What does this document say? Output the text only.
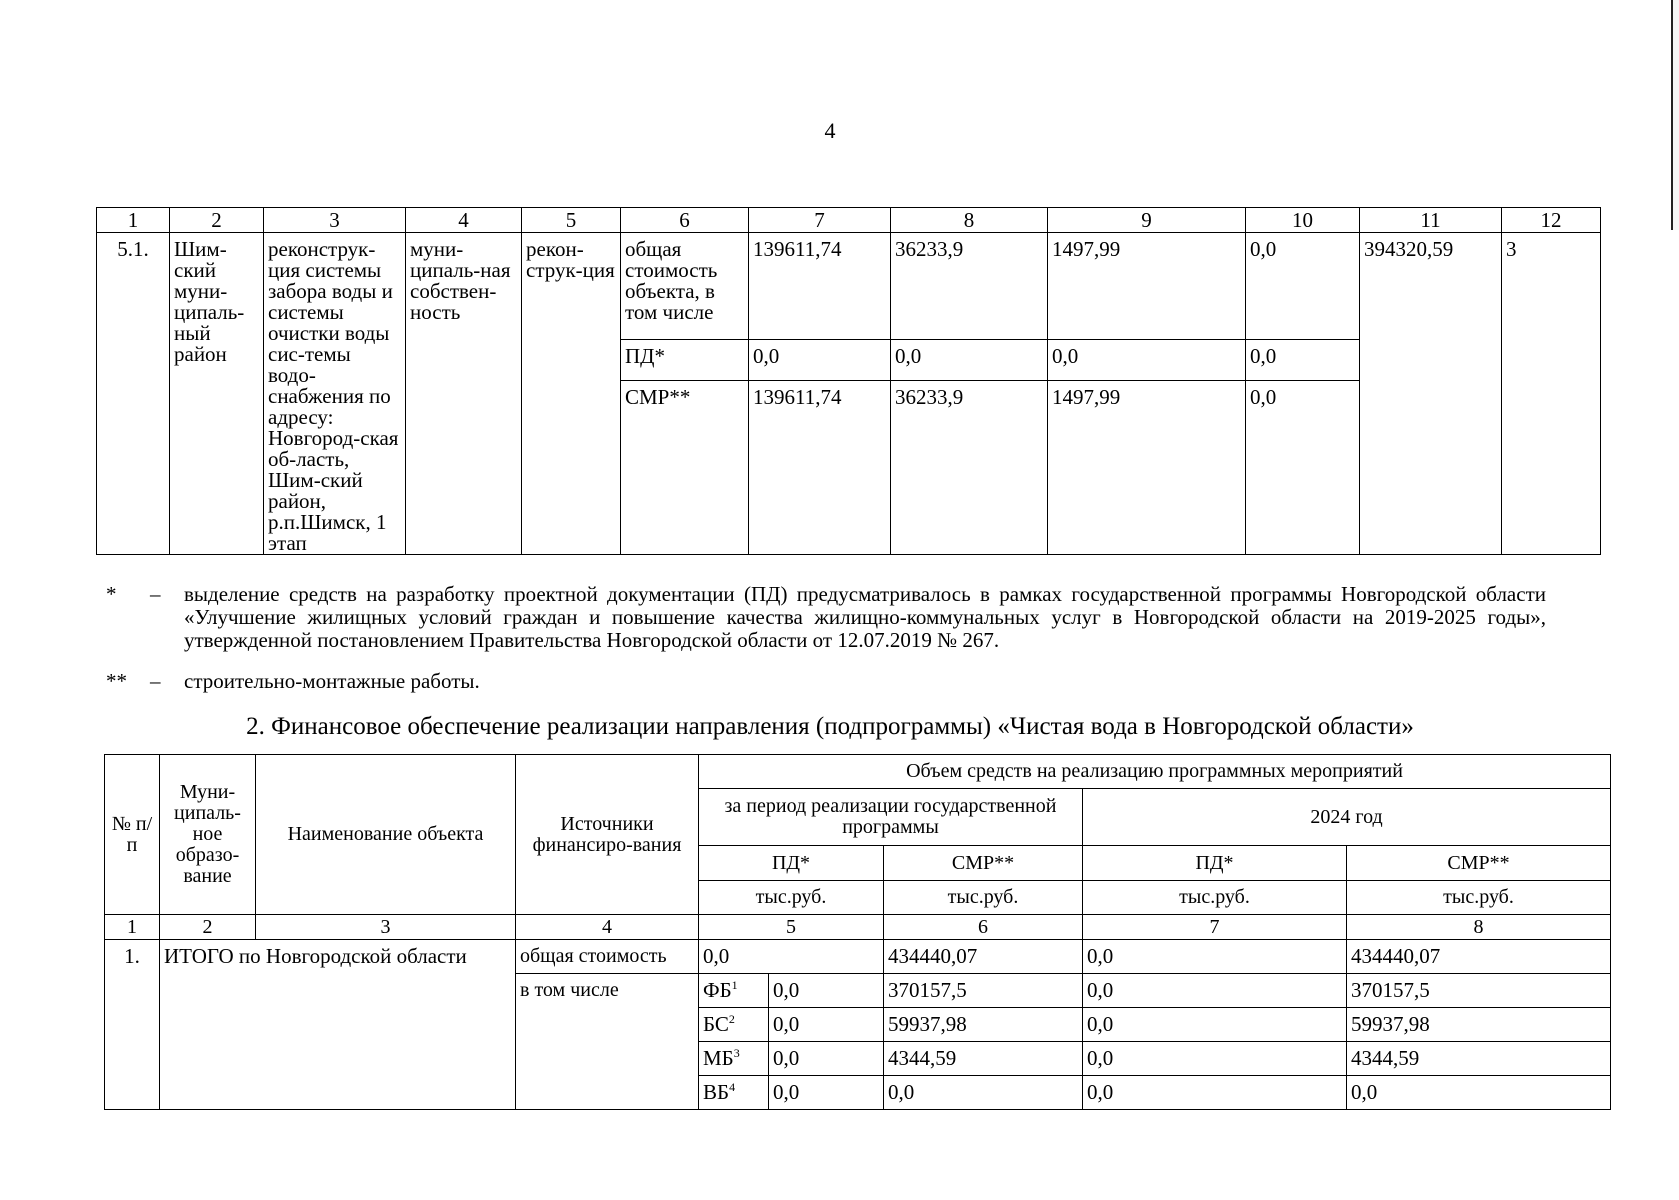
4
1	2	3	4	5	6	7	8	9	10	11	12
5.1.	Шим-ский муни-ципаль-ный район	реконструк-ция системы забора воды и системы очистки воды сис-темы водо-снабжения по адресу: Новгород-ская об-ласть, Шим-ский район, р.п.Шимск, 1 этап	муни-ципаль-ная собствен-ность	рекон-струк-ция	общая стоимость объекта, в том числе	139611,74	36233,9	1497,99	0,0	394320,59	3
					ПД*	0,0	0,0	0,0	0,0		
					СМР**	139611,74	36233,9	1497,99	0,0		
* – выделение средств на разработку проектной документации (ПД) предусматривалось в рамках государственной программы Новгородской области «Улучшение жилищных условий граждан и повышение качества жилищно-коммунальных услуг в Новгородской области на 2019-2025 годы», утвержденной постановлением Правительства Новгородской области от 12.07.2019 № 267.
** – строительно-монтажные работы.
2. Финансовое обеспечение реализации направления (подпрограммы) «Чистая вода в Новгородской области»
№ п/п	Муни-ципаль-ное образо-вание	Наименование объекта	Источники финансиро-вания	Объем средств на реализацию программных мероприятий				
				за период реализации государственной программы			2024 год	
				ПД*		СМР**	ПД*	СМР**
				тыс.руб.		тыс.руб.	тыс.руб.	тыс.руб.
1	2	3	4	5		6	7	8
1.	ИТОГО по Новгородской области		общая стоимость	0,0		434440,07	0,0	434440,07
			в том числе	$ФБ^1$	0,0	370157,5	0,0	370157,5
				$БС^2$	0,0	59937,98	0,0	59937,98
				$МБ^3$	0,0	4344,59	0,0	4344,59
				$ВБ^4$	0,0	0,0	0,0	0,0
